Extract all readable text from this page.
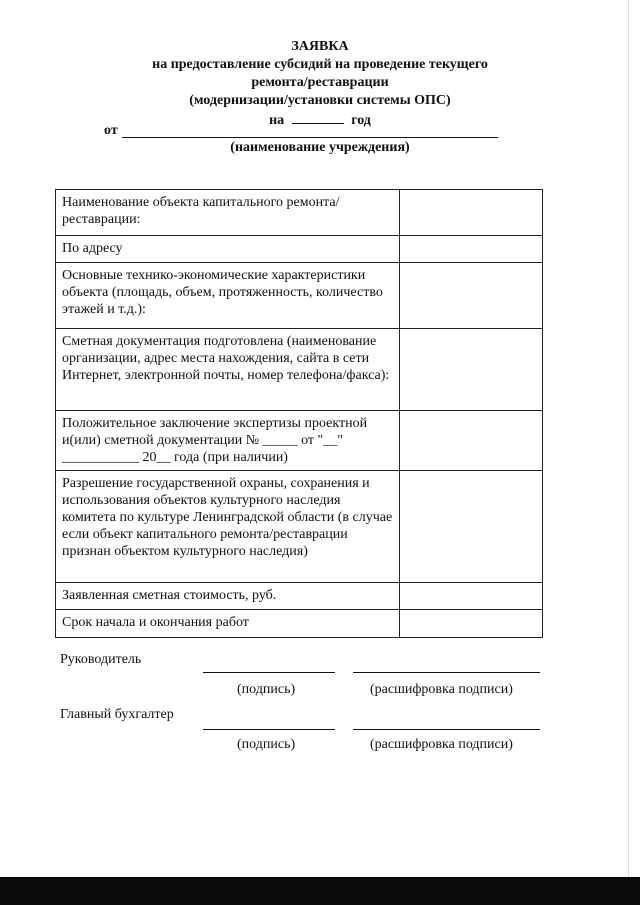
ЗАЯВКА
на предоставление субсидий на проведение текущего
ремонта/реставрации
(модернизации/установки системы ОПС)
на	год
от
(наименование учреждения)
Наименование объекта капитального ремонта/реставрации:	
По адресу	
Основные технико-экономические характеристики объекта (площадь, объем, протяженность, количество этажей и т.д.):	
Сметная документация подготовлена (наименование организации, адрес места нахождения, сайта в сети Интернет, электронной почты, номер телефона/факса):	
Положительное заключение экспертизы проектной и(или) сметной документации № _____ от "__" ___________ 20__ года (при наличии)	
Разрешение государственной охраны, сохранения и использования объектов культурного наследия комитета по культуре Ленинградской области (в случае если объект капитального ремонта/реставрации признан объектом культурного наследия)	
Заявленная сметная стоимость, руб.	
Срок начала и окончания работ	
Руководитель
(подпись)	(расшифровка подписи)
Главный бухгалтер
(подпись)	(расшифровка подписи)
